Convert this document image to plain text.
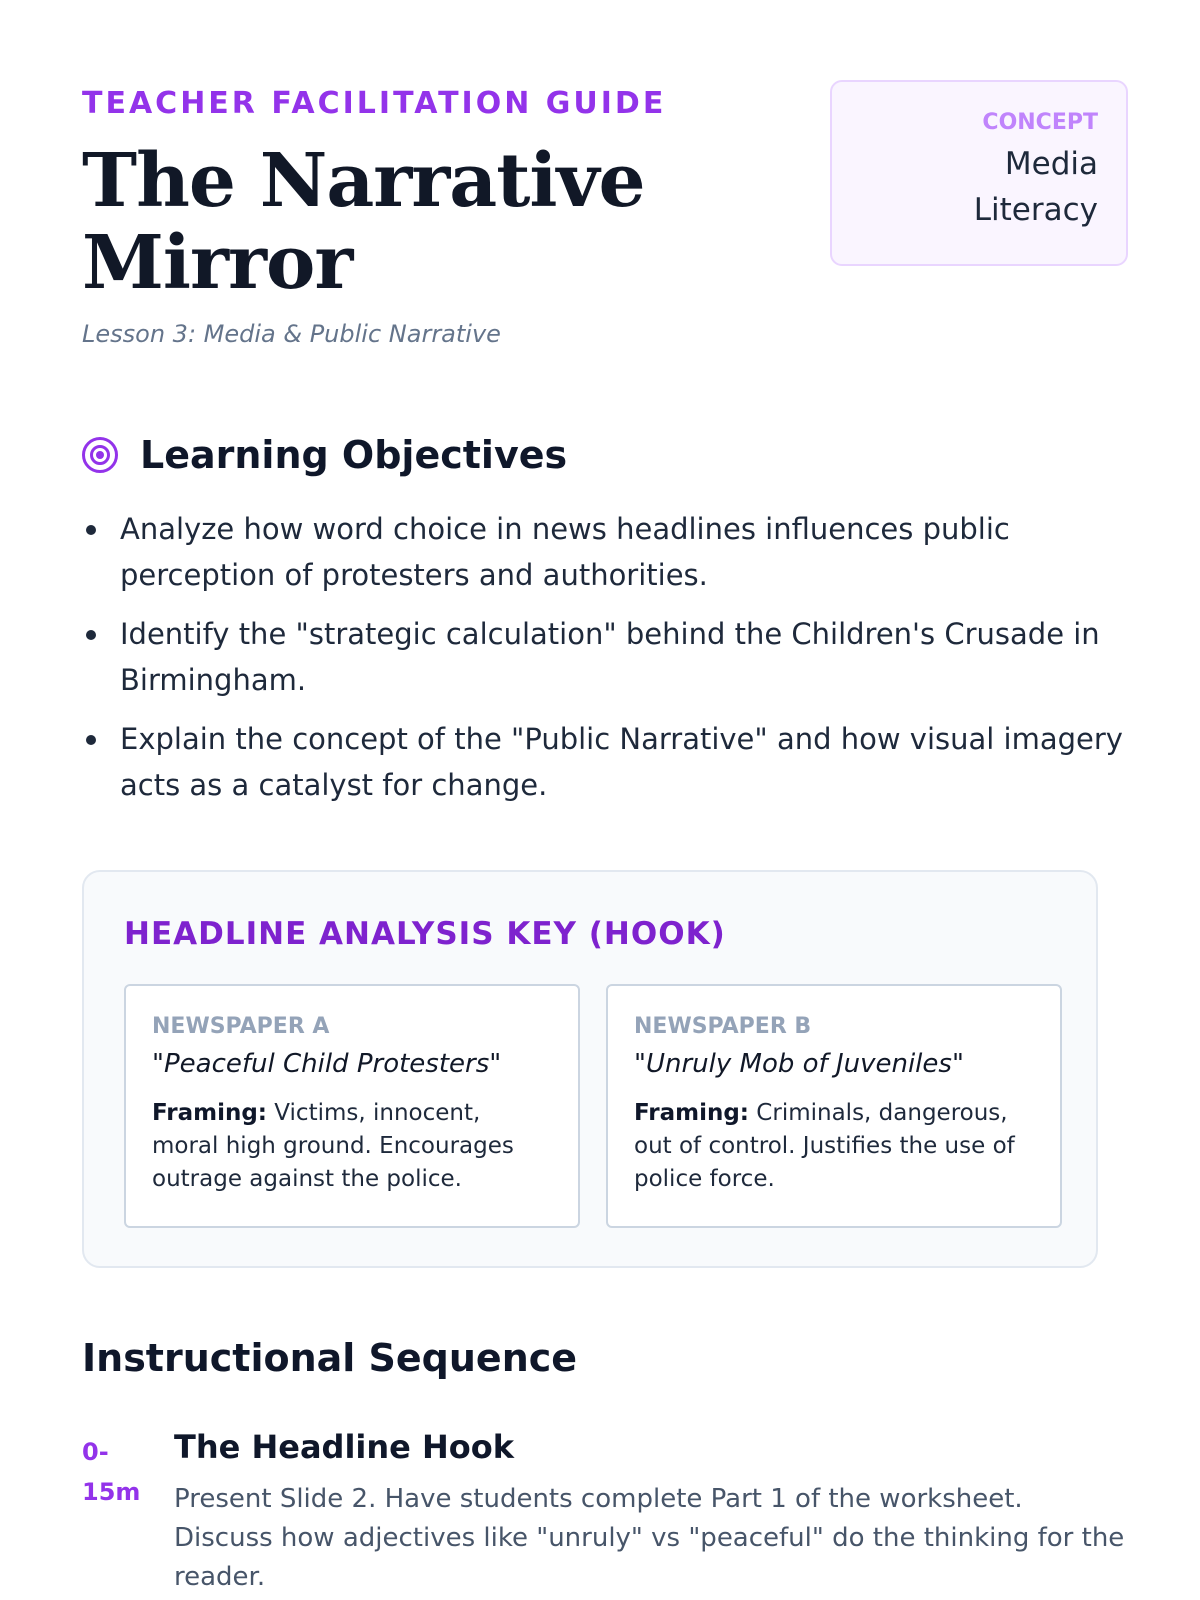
TEACHER FACILITATION GUIDE
The Narrative Mirror
Lesson 3: Media & Public Narrative
CONCEPT
Media Literacy
Learning Objectives
Analyze how word choice in news headlines influences public perception of protesters and authorities.
Identify the "strategic calculation" behind the Children's Crusade in Birmingham.
Explain the concept of the "Public Narrative" and how visual imagery acts as a catalyst for change.
HEADLINE ANALYSIS KEY (HOOK)
NEWSPAPER A
"Peaceful Child Protesters"

Framing: Victims, innocent, moral high ground. Encourages outrage against the police.

NEWSPAPER B
"Unruly Mob of Juveniles"

Framing: Criminals, dangerous, out of control. Justifies the use of police force.

Instructional Sequence
0-15m
The Headline Hook

Present Slide 2. Have students complete Part 1 of the worksheet. Discuss how adjectives like "unruly" vs "peaceful" do the thinking for the reader.
